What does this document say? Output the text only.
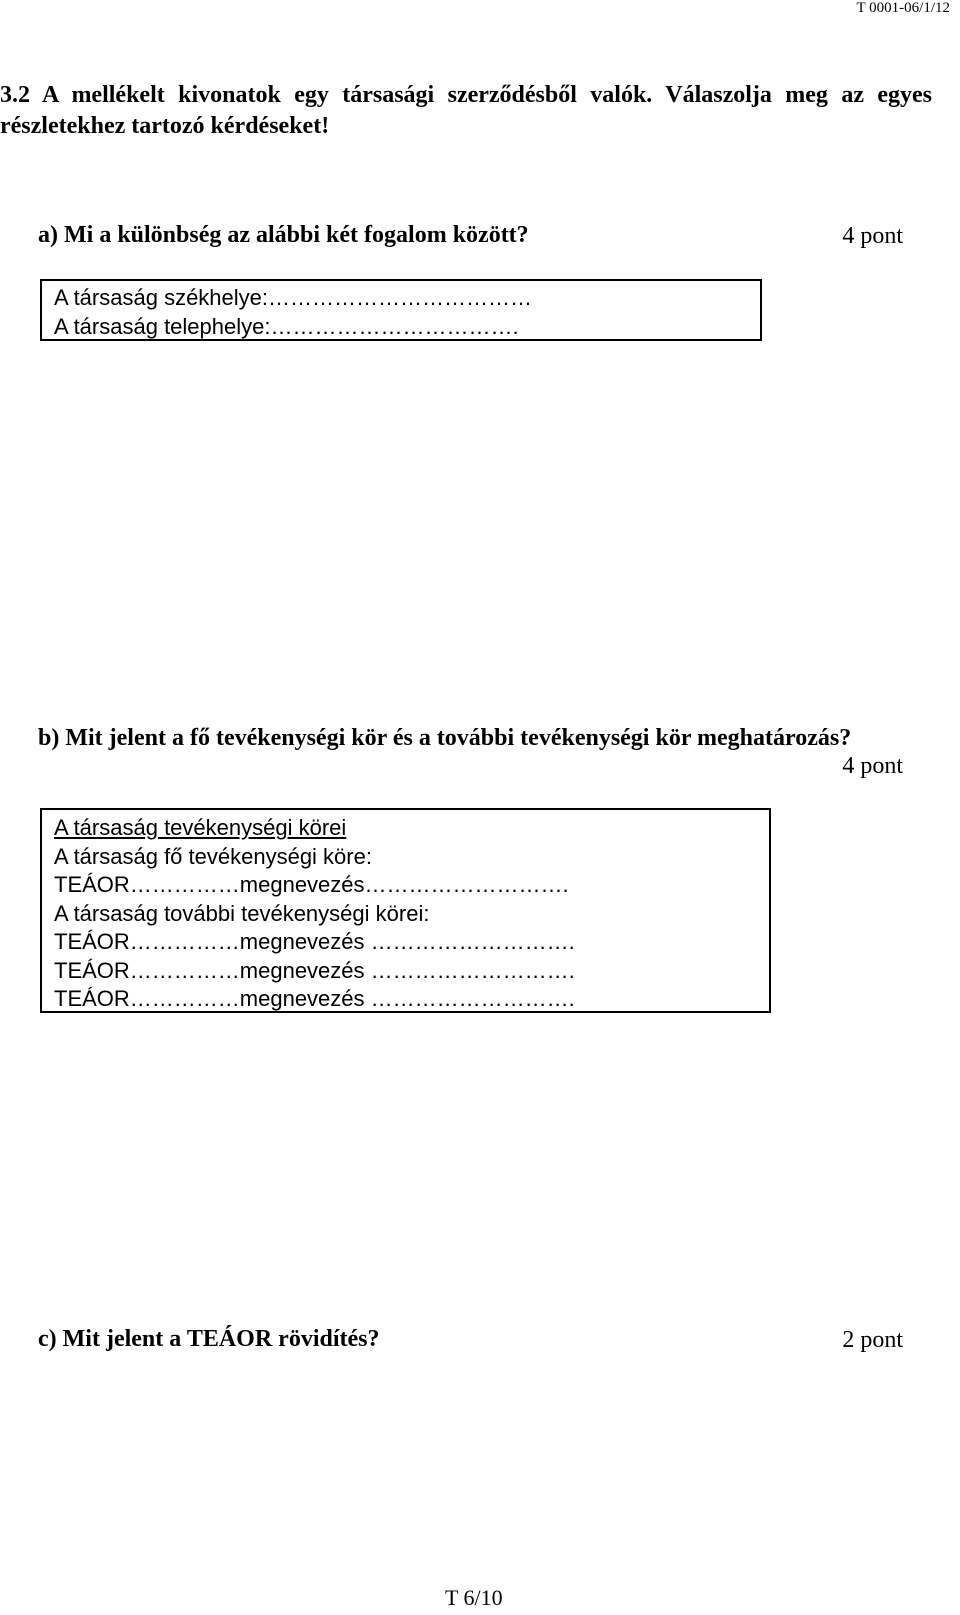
T 0001-06/1/12
3.2 A mellékelt kivonatok egy társasági szerződésből valók. Válaszolja meg az egyes
részletekhez tartozó kérdéseket!
a) Mi a különbség az alábbi két fogalom között?	4 pont
A társaság székhelye:………………………………
A társaság telephelye:…………………………….
b) Mit jelent a fő tevékenységi kör és a további tevékenységi kör meghatározás?
4 pont
A társaság tevékenységi körei
A társaság fő tevékenységi köre:
TEÁOR……………megnevezés……………………….
A társaság további tevékenységi körei:
TEÁOR……………megnevezés ……………………….
TEÁOR……………megnevezés ……………………….
TEÁOR……………megnevezés ……………………….
c) Mit jelent a TEÁOR rövidítés?	2 pont
T 6/10
